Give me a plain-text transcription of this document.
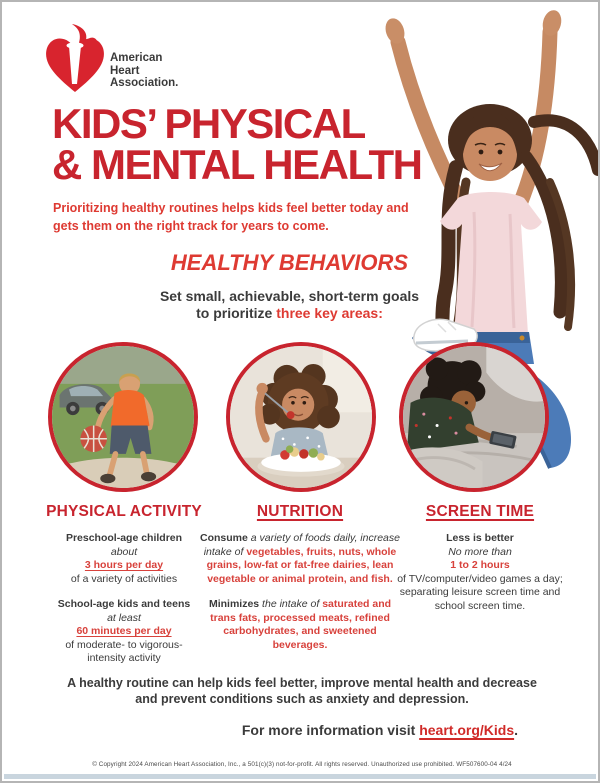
American
Heart
Association.
KIDS’ PHYSICAL
& MENTAL HEALTH
Prioritizing healthy routines helps kids feel better today and
gets them on the right track for years to come.
HEALTHY BEHAVIORS
Set small, achievable, short-term goals
to prioritize three key areas:
PHYSICAL ACTIVITY

Preschool-age children
about
3 hours per day
of a variety of activities

School-age kids and teens
at least
60 minutes per day
of moderate- to vigorous-
intensity activity

NUTRITION

Consume a variety of foods daily, increase intake of vegetables, fruits, nuts, whole grains, low-fat or fat-free dairies, lean vegetable or animal protein, and fish.

Minimizes the intake of saturated and trans fats, processed meats, refined carbohydrates, and sweetened beverages.

SCREEN TIME

Less is better
No more than
1 to 2 hours
of TV/computer/video games a day; separating leisure screen time and school screen time.

A healthy routine can help kids feel better, improve mental health and decrease
and prevent conditions such as anxiety and depression.
For more information visit heart.org/Kids.
© Copyright 2024 American Heart Association, Inc., a 501(c)(3) not-for-profit. All rights reserved. Unauthorized use prohibited. WF507600-04 4/24
